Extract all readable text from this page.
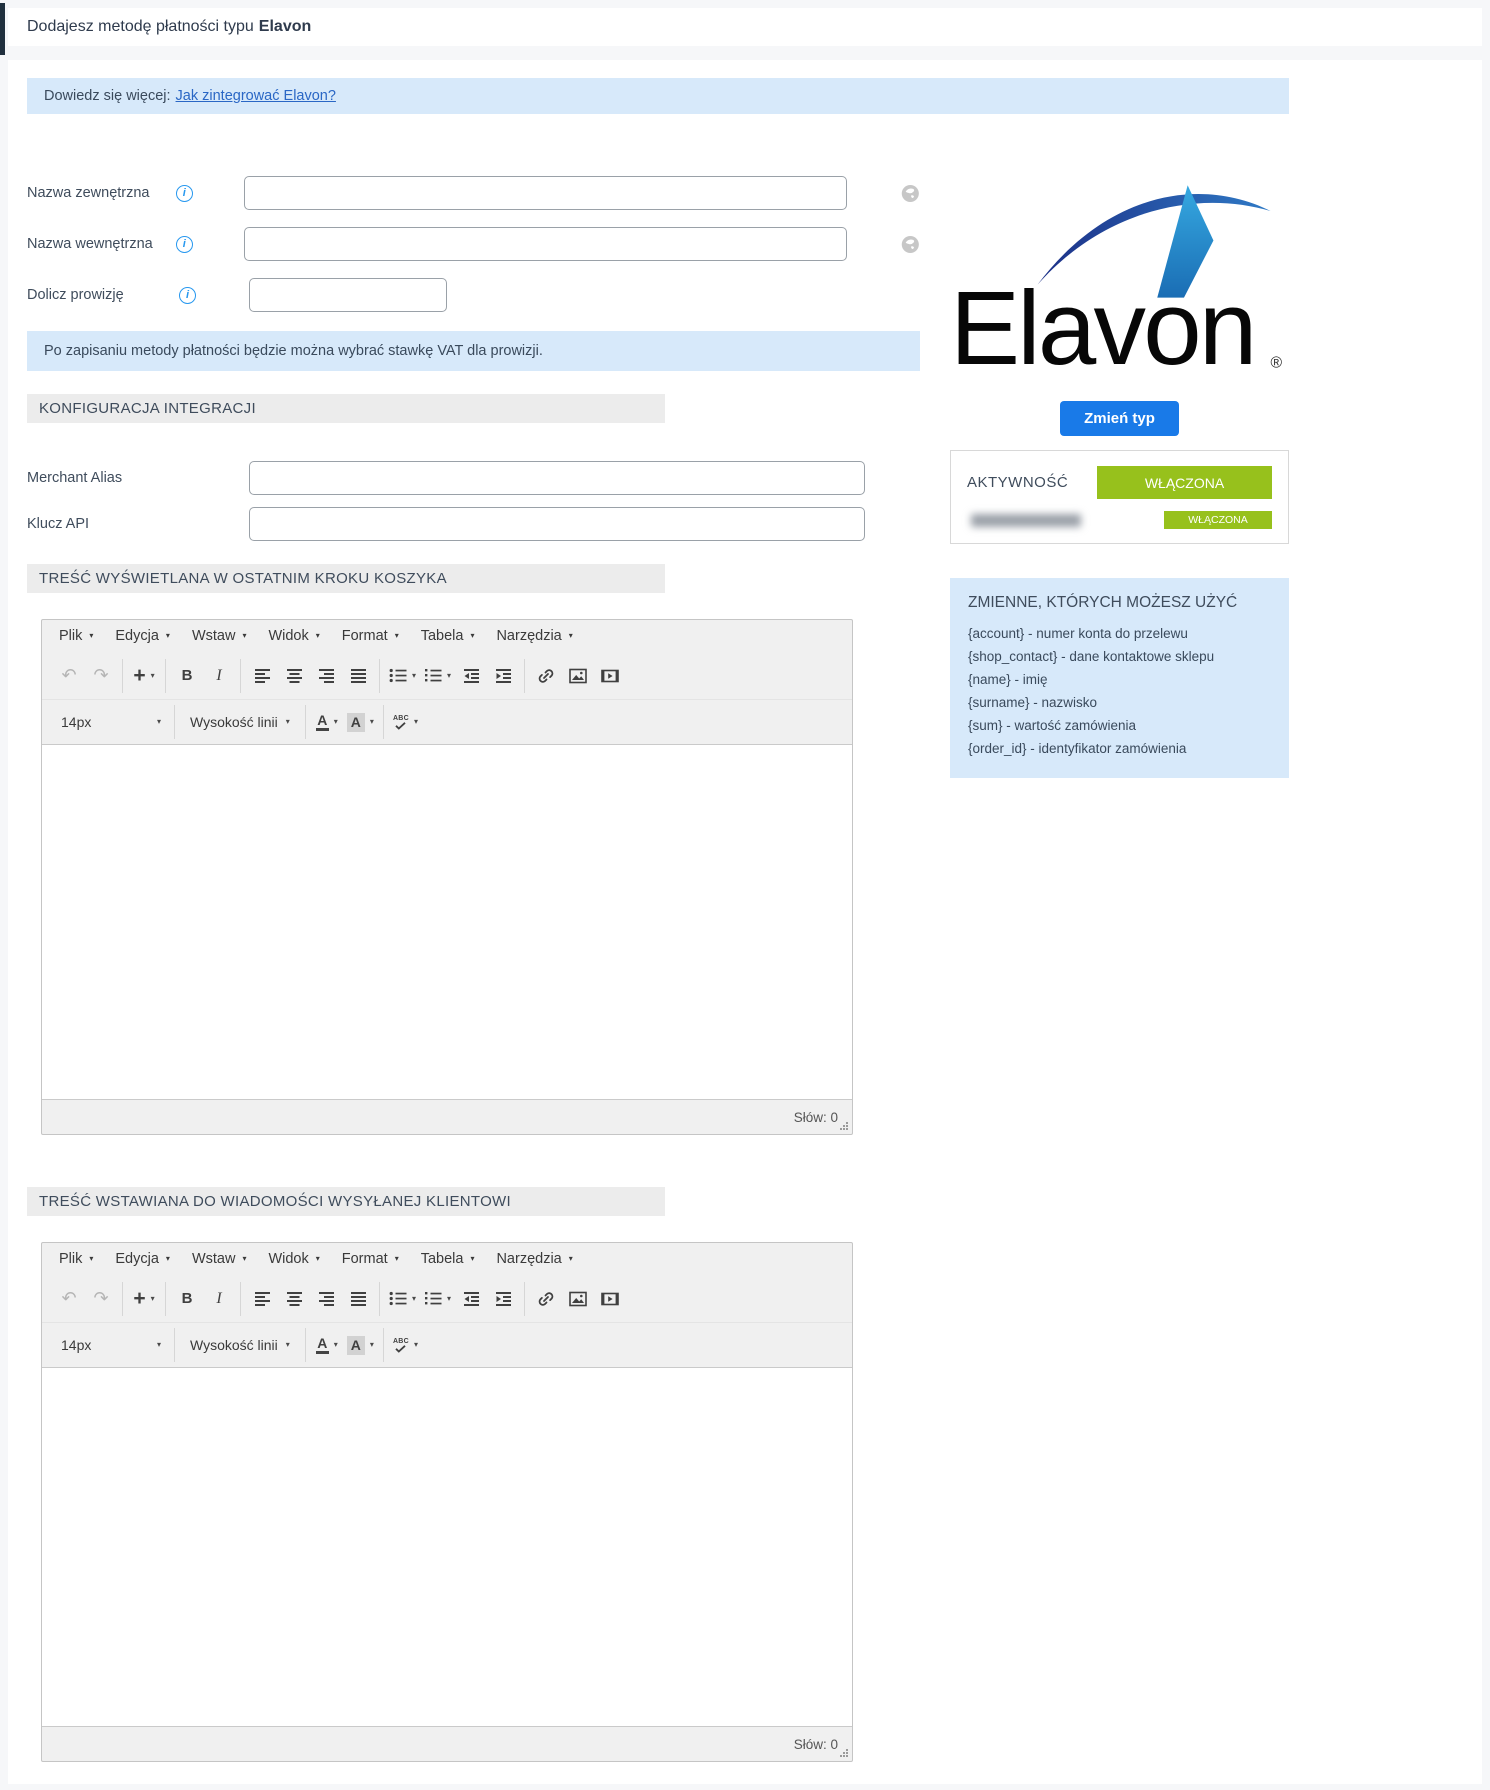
Dodajesz metodę płatności typu Elavon
Dowiedz się więcej: Jak zintegrować Elavon?
Nazwa zewnętrzna	i
Nazwa wewnętrzna	i
Dolicz prowizję	i
Po zapisaniu metody płatności będzie można wybrać stawkę VAT dla prowizji.
KONFIGURACJA INTEGRACJI
Merchant Alias
Klucz API
TREŚĆ WYŚWIETLANA W OSTATNIM KROKU KOSZYKA
Plik ▾ Edycja ▾ Wstaw ▾ Widok ▾ Format ▾ Tabela ▾ Narzędzia ▾
↶ ↷ + ▾ B I	▾	▾
14px	▾ Wysokość linii ▾ A ▾ A	▾	ABC ▾
Słów: 0
TREŚĆ WSTAWIANA DO WIADOMOŚCI WYSYŁANEJ KLIENTOWI
Plik ▾ Edycja ▾ Wstaw ▾ Widok ▾ Format ▾ Tabela ▾ Narzędzia ▾
↶ ↷ + ▾ B I	▾	▾
14px	▾ Wysokość linii ▾ A ▾ A	▾	ABC ▾
Słów: 0
Elavon ®
Zmień typ
AKTYWNOŚĆ	WŁĄCZONA
WŁĄCZONA
ZMIENNE, KTÓRYCH MOŻESZ UŻYĆ
{account} - numer konta do przelewu
{shop_contact} - dane kontaktowe sklepu
{name} - imię
{surname} - nazwisko
{sum} - wartość zamówienia
{order_id} - identyfikator zamówienia
